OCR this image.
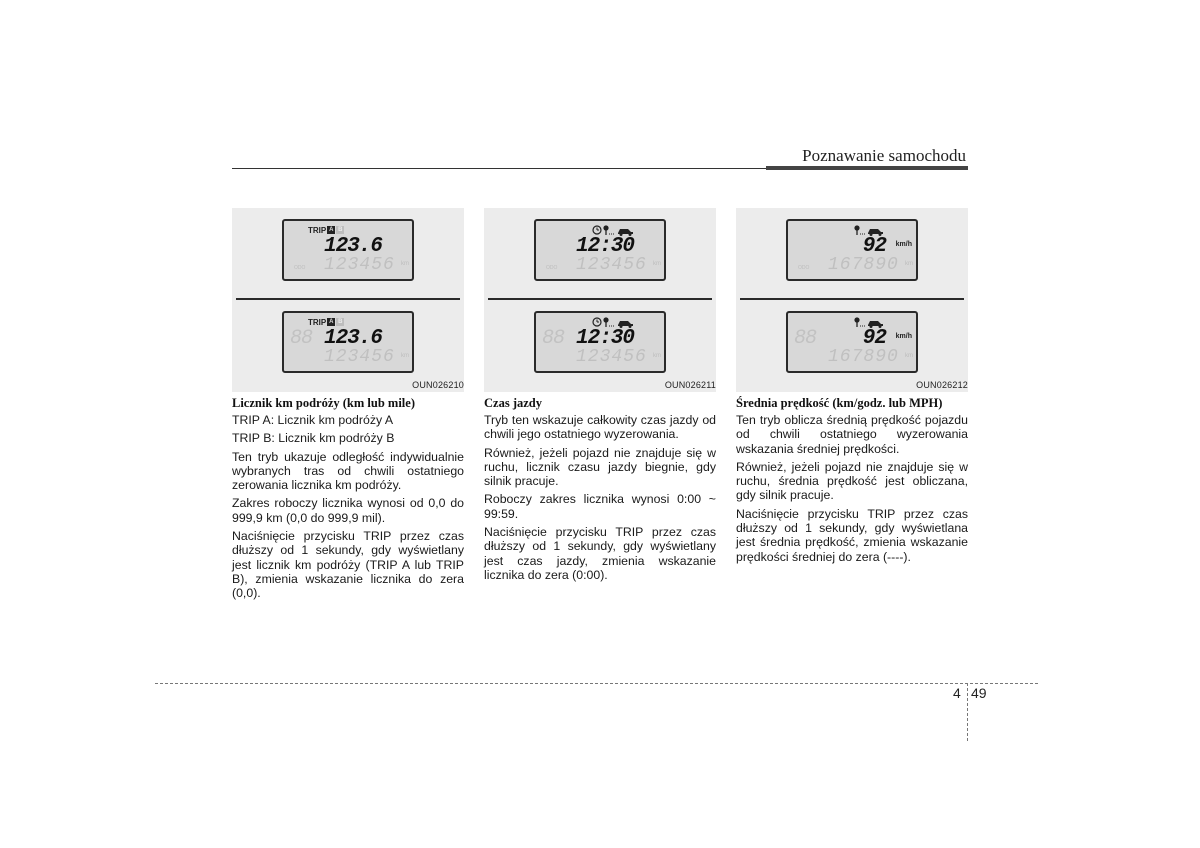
Poznawanie samochodu
TRIP A B
123.6
ODO 123456 km
TRIP A B
88 123.6
123456 km
OUN026210
Licznik km podróży (km lub mile)
TRIP A: Licznik km podróży A
TRIP B: Licznik km podróży B
Ten tryb ukazuje odległość indywidualnie wybranych tras od chwili ostatniego zerowania licznika km podróży.
Zakres roboczy licznika wynosi od 0,0 do 999,9 km (0,0 do 999,9 mil).
Naciśnięcie przycisku TRIP przez czas dłuższy od 1 sekundy, gdy wyświetlany jest licznik km podróży (TRIP A lub TRIP B), zmienia wskazanie licznika do zera (0,0).
12:30
ODO 123456 km
88 12:30
123456 km
OUN026211
Czas jazdy
Tryb ten wskazuje całkowity czas jazdy od chwili jego ostatniego wyzerowania.
Również, jeżeli pojazd nie znajduje się w ruchu, licznik czasu jazdy biegnie, gdy silnik pracuje.
Roboczy zakres licznika wynosi 0:00 ~ 99:59.
Naciśnięcie przycisku TRIP przez czas dłuższy od 1 sekundy, gdy wyświetlany jest czas jazdy, zmienia wskazanie licznika do zera (0:00).
92 km/h
ODO 167890 km
88	92 km/h
167890 km
OUN026212
Średnia prędkość (km/godz. lub MPH)
Ten tryb oblicza średnią prędkość pojazdu od chwili ostatniego wyzerowania wskazania średniej prędkości.
Również, jeżeli pojazd nie znajduje się w ruchu, średnia prędkość jest obliczana, gdy silnik pracuje.
Naciśnięcie przycisku TRIP przez czas dłuższy od 1 sekundy, gdy wyświetlana jest średnia prędkość, zmienia wskazanie prędkości średniej do zera (----).
4 49
